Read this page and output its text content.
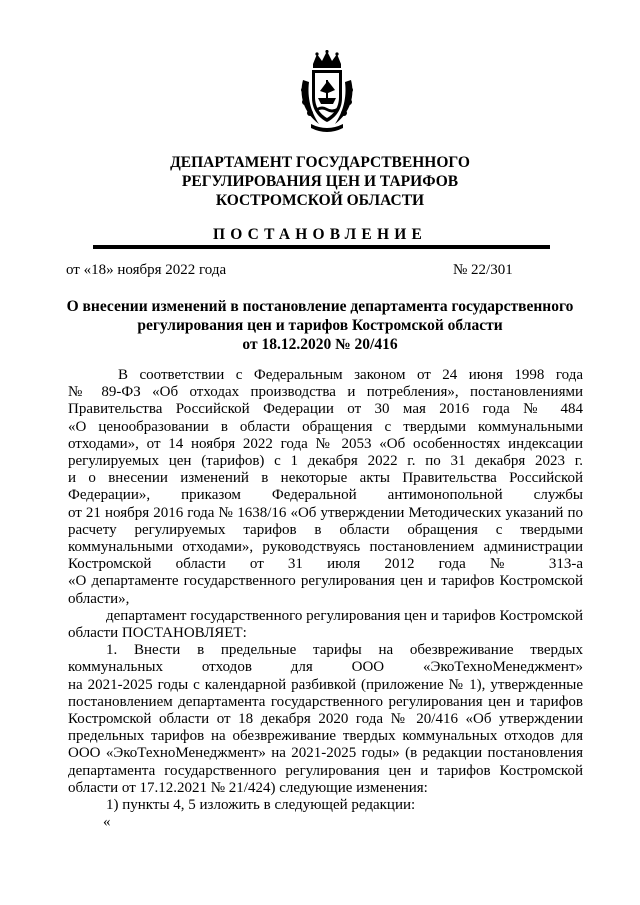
ДЕПАРТАМЕНТ ГОСУДАРСТВЕННОГО
РЕГУЛИРОВАНИЯ ЦЕН И ТАРИФОВ
КОСТРОМСКОЙ ОБЛАСТИ
ПОСТАНОВЛЕНИЕ
от «18» ноября 2022 года	№ 22/301
О внесении изменений в постановление департамента государственного
регулирования цен и тарифов Костромской области
от 18.12.2020 № 20/416

В соответствии с Федеральным законом от 24 июня 1998 года

№ 89-ФЗ «Об отходах производства и потребления», постановлениями

Правительства Российской Федерации от 30 мая 2016 года № 484

«О ценообразовании в области обращения с твердыми коммунальными

отходами», от 14 ноября 2022 года № 2053 «Об особенностях индексации

регулируемых цен (тарифов) с 1 декабря 2022 г. по 31 декабря 2023 г.

и о внесении изменений в некоторые акты Правительства Российской

Федерации», приказом Федеральной антимонопольной службы

от 21 ноября 2016 года № 1638/16 «Об утверждении Методических указаний по

расчету регулируемых тарифов в области обращения с твердыми

коммунальными отходами», руководствуясь постановлением администрации

Костромской области от 31 июля 2012 года № 313-а

«О департаменте государственного регулирования цен и тарифов Костромской

области»,

департамент государственного регулирования цен и тарифов Костромской

области ПОСТАНОВЛЯЕТ:

1. Внести в предельные тарифы на обезвреживание твердых

коммунальных отходов для ООО «ЭкоТехноМенеджмент»

на 2021-2025 годы с календарной разбивкой (приложение № 1), утвержденные

постановлением департамента государственного регулирования цен и тарифов

Костромской области от 18 декабря 2020 года № 20/416 «Об утверждении

предельных тарифов на обезвреживание твердых коммунальных отходов для

ООО «ЭкоТехноМенеджмент» на 2021-2025 годы» (в редакции постановления

департамента государственного регулирования цен и тарифов Костромской

области от 17.12.2021 № 21/424) следующие изменения:

1) пункты 4, 5 изложить в следующей редакции:

«
